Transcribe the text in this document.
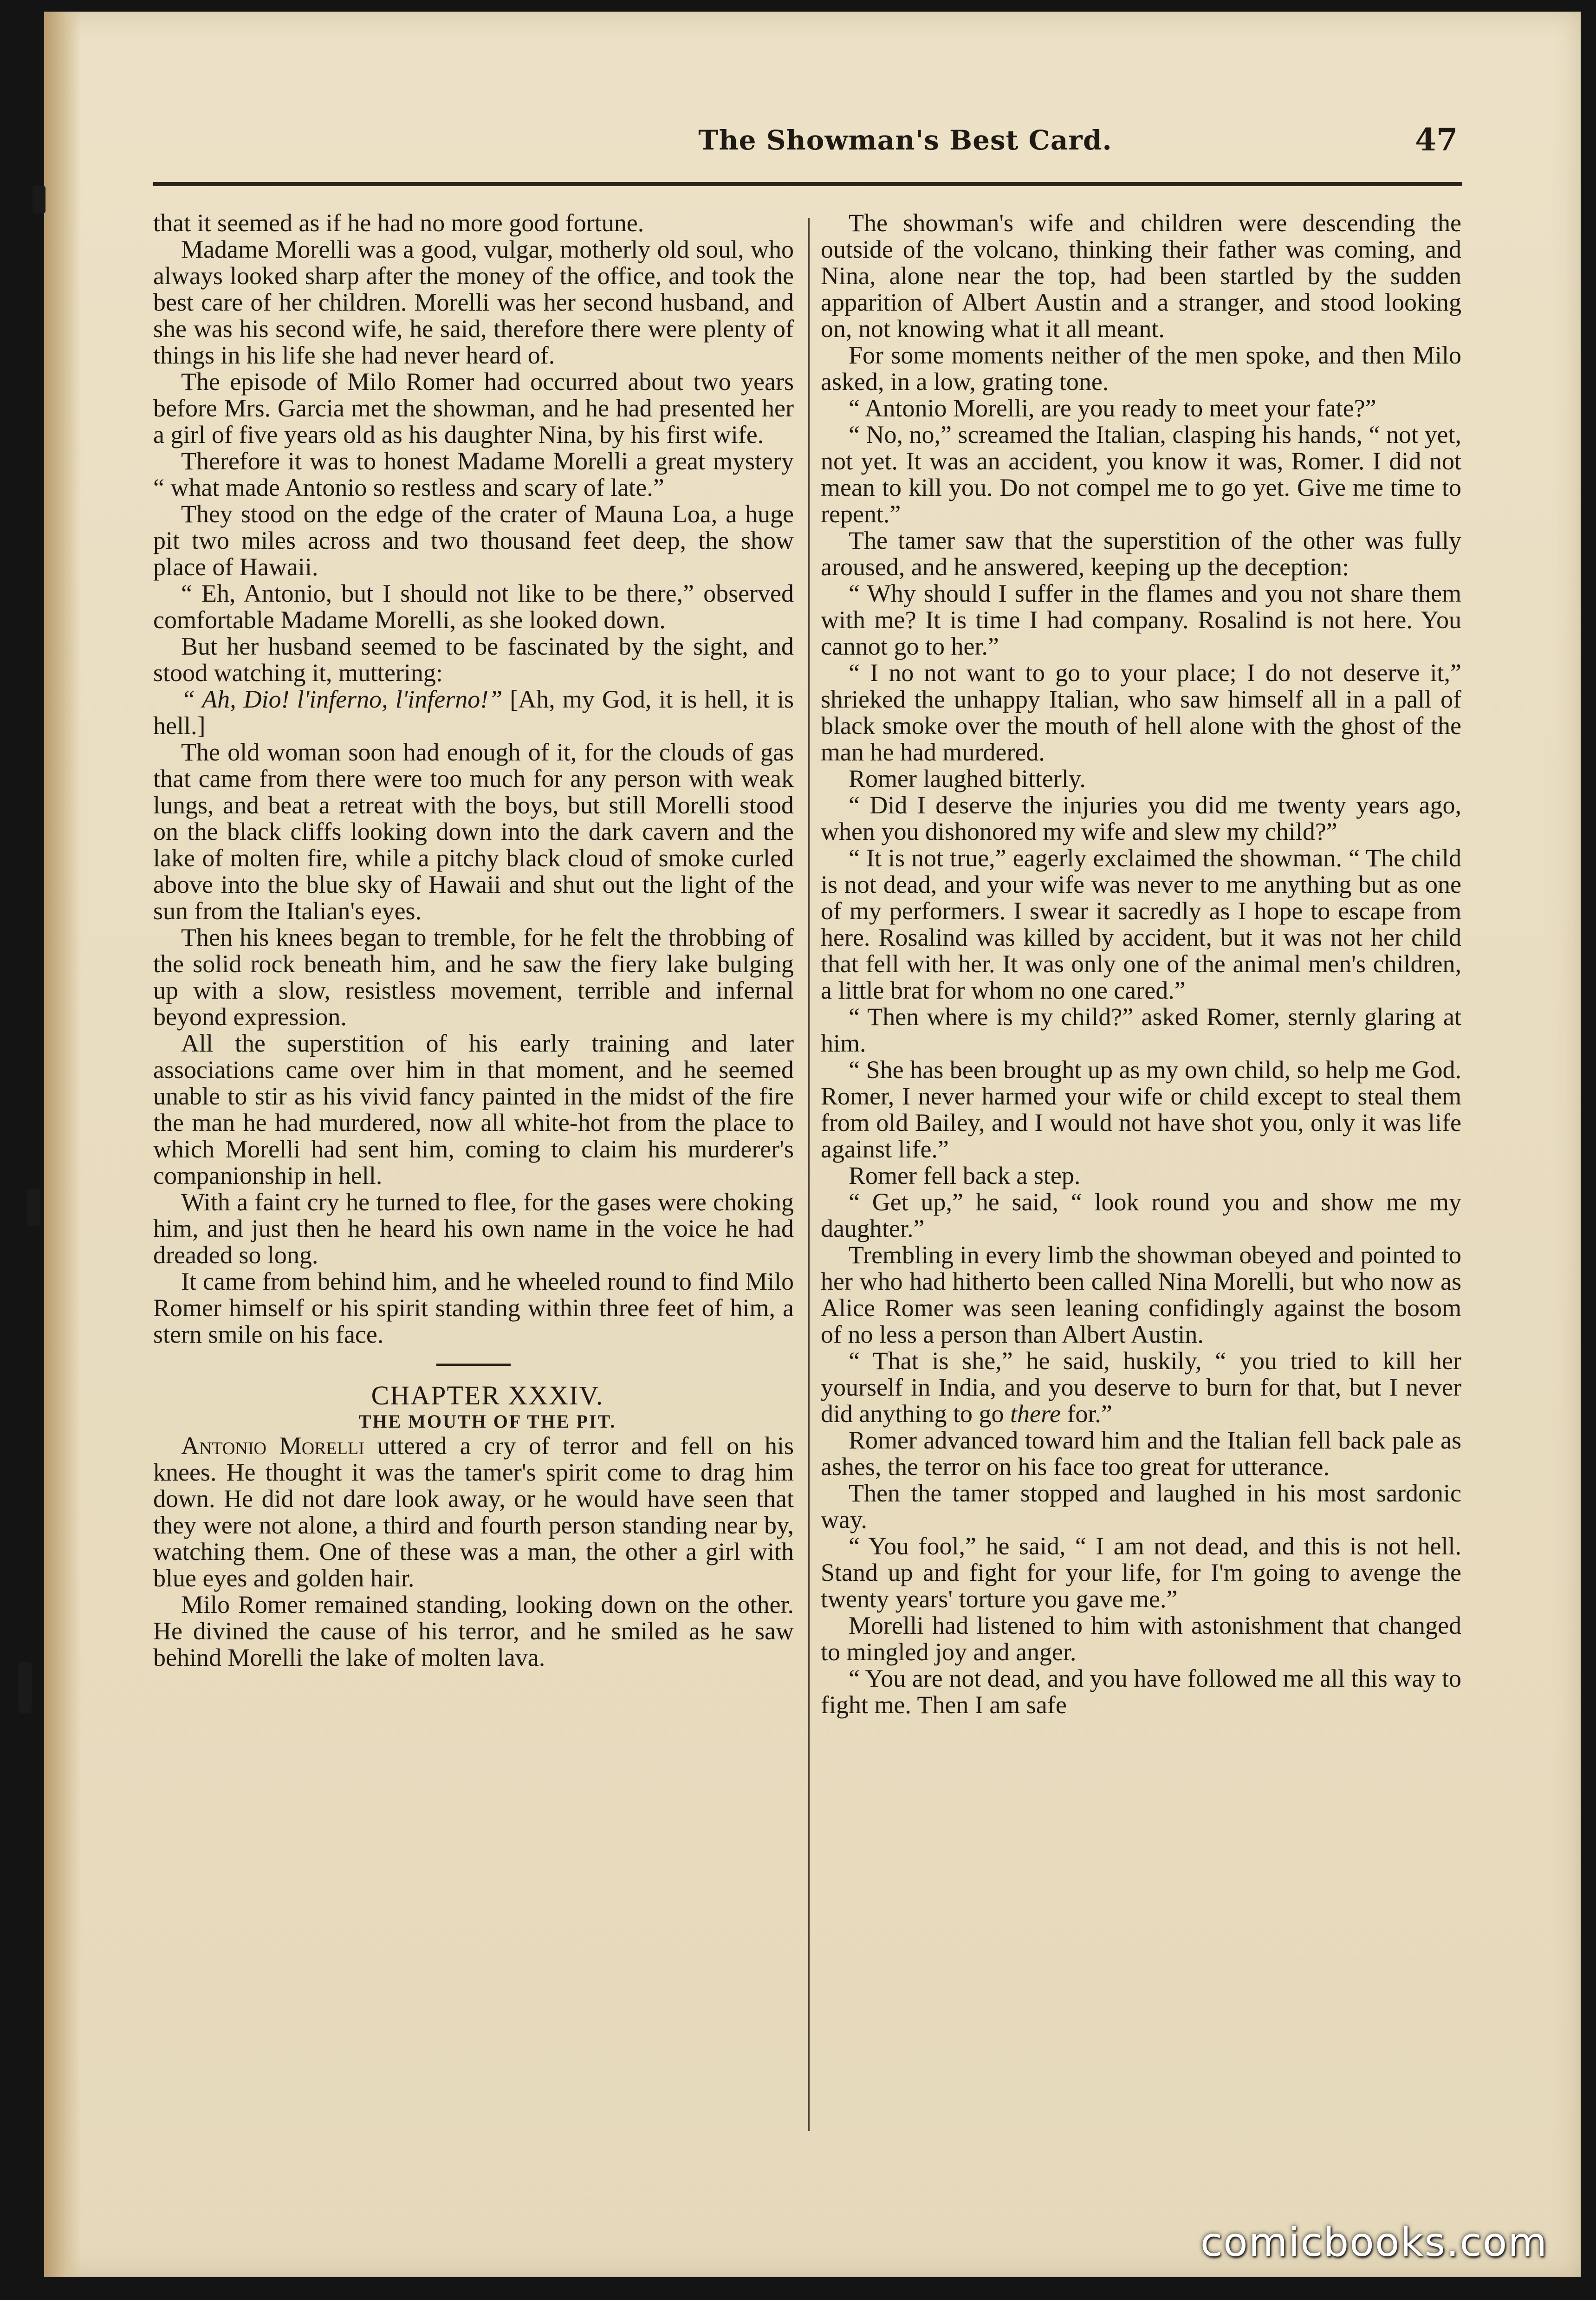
The Showman's Best Card.	47

that it seemed as if he had no more good fortune.

Madame Morelli was a good, vulgar, motherly old soul, who always looked sharp after the money of the office, and took the best care of her children. Morelli was her second husband, and she was his second wife, he said, therefore there were plenty of things in his life she had never heard of.

The episode of Milo Romer had occurred about two years before Mrs. Garcia met the showman, and he had presented her a girl of five years old as his daughter Nina, by his first wife.

Therefore it was to honest Madame Morelli a great mystery “ what made Antonio so restless and scary of late.”

They stood on the edge of the crater of Mauna Loa, a huge pit two miles across and two thousand feet deep, the show place of Hawaii.

“ Eh, Antonio, but I should not like to be there,” observed comfortable Madame Morelli, as she looked down.

But her husband seemed to be fascinated by the sight, and stood watching it, muttering:

“ Ah, Dio! l'inferno, l'inferno!” [Ah, my God, it is hell, it is hell.]

The old woman soon had enough of it, for the clouds of gas that came from there were too much for any person with weak lungs, and beat a retreat with the boys, but still Morelli stood on the black cliffs looking down into the dark cavern and the lake of molten fire, while a pitchy black cloud of smoke curled above into the blue sky of Hawaii and shut out the light of the sun from the Italian's eyes.

Then his knees began to tremble, for he felt the throbbing of the solid rock beneath him, and he saw the fiery lake bulging up with a slow, resistless movement, terrible and infernal beyond expression.

All the superstition of his early training and later associations came over him in that moment, and he seemed unable to stir as his vivid fancy painted in the midst of the fire the man he had murdered, now all white-hot from the place to which Morelli had sent him, coming to claim his murderer's companionship in hell.

With a faint cry he turned to flee, for the gases were choking him, and just then he heard his own name in the voice he had dreaded so long.

It came from behind him, and he wheeled round to find Milo Romer himself or his spirit standing within three feet of him, a stern smile on his face.

CHAPTER XXXIV.

THE MOUTH OF THE PIT.

Antonio Morelli uttered a cry of terror and fell on his knees. He thought it was the tamer's spirit come to drag him down. He did not dare look away, or he would have seen that they were not alone, a third and fourth person standing near by, watching them. One of these was a man, the other a girl with blue eyes and golden hair.

Milo Romer remained standing, looking down on the other. He divined the cause of his terror, and he smiled as he saw behind Morelli the lake of molten lava.

The showman's wife and children were descending the outside of the volcano, thinking their father was coming, and Nina, alone near the top, had been startled by the sudden apparition of Albert Austin and a stranger, and stood looking on, not knowing what it all meant.

For some moments neither of the men spoke, and then Milo asked, in a low, grating tone.

“ Antonio Morelli, are you ready to meet your fate?”

“ No, no,” screamed the Italian, clasping his hands, “ not yet, not yet. It was an accident, you know it was, Romer. I did not mean to kill you. Do not compel me to go yet. Give me time to repent.”

The tamer saw that the superstition of the other was fully aroused, and he answered, keeping up the deception:

“ Why should I suffer in the flames and you not share them with me? It is time I had company. Rosalind is not here. You cannot go to her.”

“ I no not want to go to your place; I do not deserve it,” shrieked the unhappy Italian, who saw himself all in a pall of black smoke over the mouth of hell alone with the ghost of the man he had murdered.

Romer laughed bitterly.

“ Did I deserve the injuries you did me twenty years ago, when you dishonored my wife and slew my child?”

“ It is not true,” eagerly exclaimed the showman. “ The child is not dead, and your wife was never to me anything but as one of my performers. I swear it sacredly as I hope to escape from here. Rosalind was killed by accident, but it was not her child that fell with her. It was only one of the animal men's children, a little brat for whom no one cared.”

“ Then where is my child?” asked Romer, sternly glaring at him.

“ She has been brought up as my own child, so help me God. Romer, I never harmed your wife or child except to steal them from old Bailey, and I would not have shot you, only it was life against life.”

Romer fell back a step.

“ Get up,” he said, “ look round you and show me my daughter.”

Trembling in every limb the showman obeyed and pointed to her who had hitherto been called Nina Morelli, but who now as Alice Romer was seen leaning confidingly against the bosom of no less a person than Albert Austin.

“ That is she,” he said, huskily, “ you tried to kill her yourself in India, and you deserve to burn for that, but I never did anything to go there for.”

Romer advanced toward him and the Italian fell back pale as ashes, the terror on his face too great for utterance.

Then the tamer stopped and laughed in his most sardonic way.

“ You fool,” he said, “ I am not dead, and this is not hell. Stand up and fight for your life, for I'm going to avenge the twenty years' torture you gave me.”

Morelli had listened to him with astonishment that changed to mingled joy and anger.

“ You are not dead, and you have followed me all this way to fight me. Then I am safe

comicbooks.com
